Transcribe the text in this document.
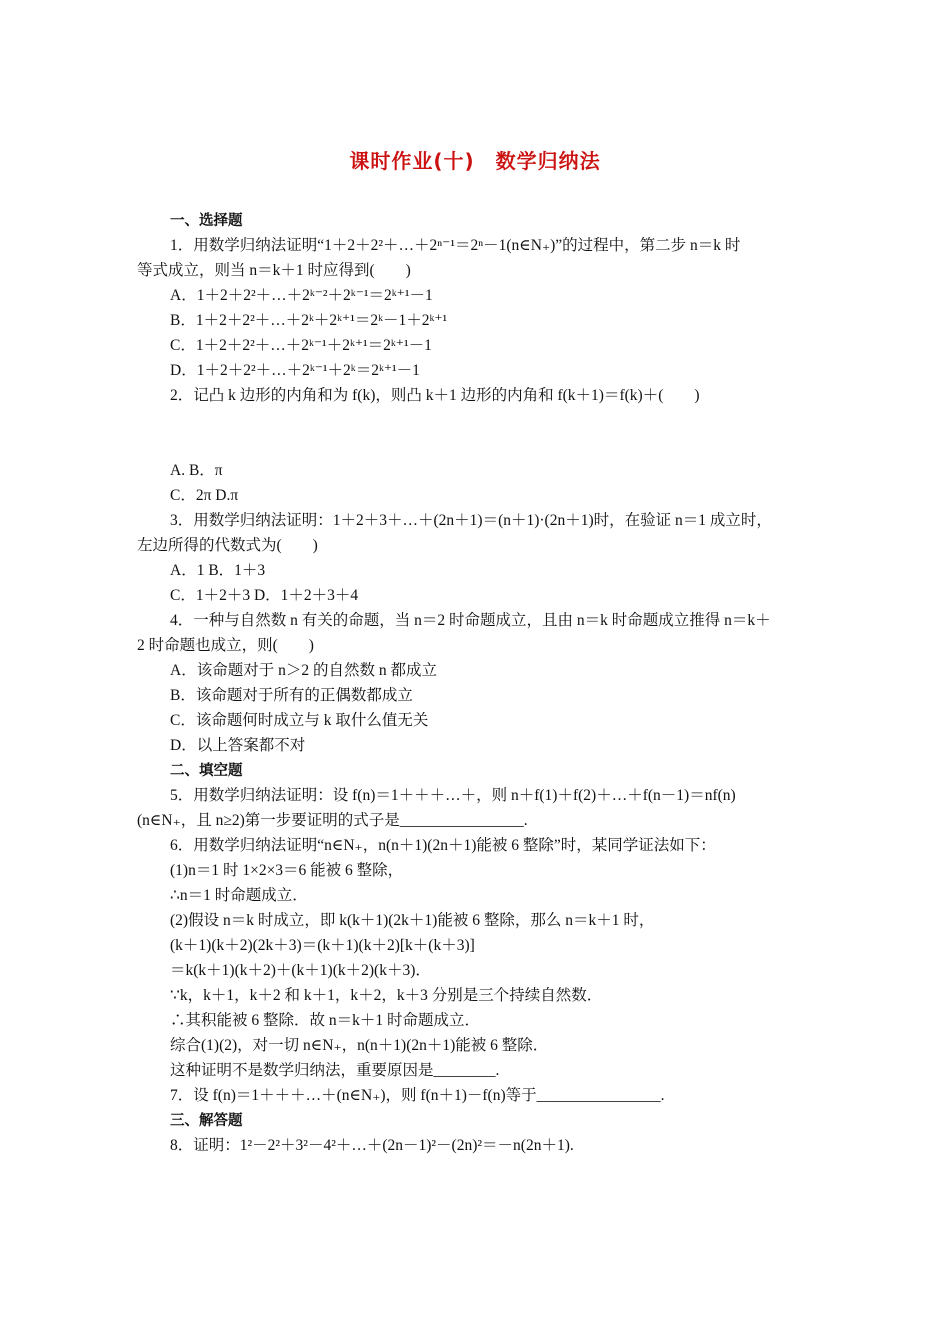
课时作业(十)　数学归纳法
一、选择题
1．用数学归纳法证明“1＋2＋2²＋…＋2ⁿ⁻¹＝2ⁿ－1(n∈N₊)”的过程中，第二步 n＝k 时
等式成立，则当 n＝k＋1 时应得到(　　)
A．1＋2＋2²＋…＋2ᵏ⁻²＋2ᵏ⁻¹＝2ᵏ⁺¹－1
B．1＋2＋2²＋…＋2ᵏ＋2ᵏ⁺¹＝2ᵏ－1＋2ᵏ⁺¹
C．1＋2＋2²＋…＋2ᵏ⁻¹＋2ᵏ⁺¹＝2ᵏ⁺¹－1
D．1＋2＋2²＋…＋2ᵏ⁻¹＋2ᵏ＝2ᵏ⁺¹－1
2．记凸 k 边形的内角和为 f(k)，则凸 k＋1 边形的内角和 f(k＋1)＝f(k)＋(　　)
A. B．π
C．2π D.π
3．用数学归纳法证明：1＋2＋3＋…＋(2n＋1)＝(n＋1)·(2n＋1)时，在验证 n＝1 成立时，
左边所得的代数式为(　　)
A．1 B．1＋3
C．1＋2＋3 D．1＋2＋3＋4
4．一种与自然数 n 有关的命题，当 n＝2 时命题成立，且由 n＝k 时命题成立推得 n＝k＋
2 时命题也成立，则(　　)
A．该命题对于 n＞2 的自然数 n 都成立
B．该命题对于所有的正偶数都成立
C．该命题何时成立与 k 取什么值无关
D．以上答案都不对
二、填空题
5．用数学归纳法证明：设 f(n)＝1＋＋＋…＋，则 n＋f(1)＋f(2)＋…＋f(n－1)＝nf(n)
(n∈N₊，且 n≥2)第一步要证明的式子是________________.
6．用数学归纳法证明“n∈N₊，n(n＋1)(2n＋1)能被 6 整除”时，某同学证法如下：
(1)n＝1 时 1×2×3＝6 能被 6 整除，
∴n＝1 时命题成立．
(2)假设 n＝k 时成立，即 k(k＋1)(2k＋1)能被 6 整除，那么 n＝k＋1 时，
(k＋1)(k＋2)(2k＋3)＝(k＋1)(k＋2)[k＋(k＋3)]
＝k(k＋1)(k＋2)＋(k＋1)(k＋2)(k＋3)．
∵k，k＋1，k＋2 和 k＋1，k＋2，k＋3 分别是三个持续自然数．
∴其积能被 6 整除．故 n＝k＋1 时命题成立．
综合(1)(2)，对一切 n∈N₊，n(n＋1)(2n＋1)能被 6 整除．
这种证明不是数学归纳法，重要原因是________.
7．设 f(n)＝1＋＋＋…＋(n∈N₊)，则 f(n＋1)－f(n)等于________________.
三、解答题
8．证明：1²－2²＋3²－4²＋…＋(2n－1)²－(2n)²＝－n(2n＋1).
